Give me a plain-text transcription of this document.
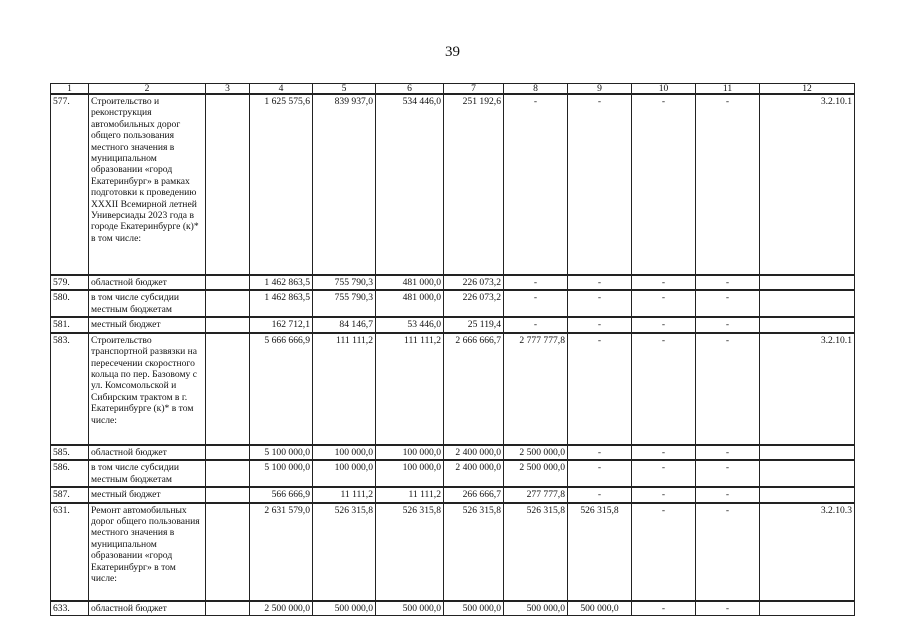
39
1	2	3	4	5	6	7	8	9	10	11	12
577.	Строительство и реконструкция автомобильных дорог общего пользования местного значения в муниципальном образовании «город Екатеринбург» в рамках подготовки к проведению XXXII Всемирной летней Универсиады 2023 года в городе Екатеринбурге (к)* в том числе:		1 625 575,6	839 937,0	534 446,0	251 192,6	-	-	-	-	3.2.10.1
579.	областной бюджет		1 462 863,5	755 790,3	481 000,0	226 073,2	-	-	-	-	
580.	в том числе субсидии местным бюджетам		1 462 863,5	755 790,3	481 000,0	226 073,2	-	-	-	-	
581.	местный бюджет		162 712,1	84 146,7	53 446,0	25 119,4	-	-	-	-	
583.	Строительство транспортной развязки на пересечении скоростного кольца по пер. Базовому с ул. Комсомольской и Сибирским трактом в г. Екатеринбурге (к)* в том числе:		5 666 666,9	111 111,2	111 111,2	2 666 666,7	2 777 777,8	-	-	-	3.2.10.1
585.	областной бюджет		5 100 000,0	100 000,0	100 000,0	2 400 000,0	2 500 000,0	-	-	-	
586.	в том числе субсидии местным бюджетам		5 100 000,0	100 000,0	100 000,0	2 400 000,0	2 500 000,0	-	-	-	
587.	местный бюджет		566 666,9	11 111,2	11 111,2	266 666,7	277 777,8	-	-	-	
631.	Ремонт автомобильных дорог общего пользования местного значения в муниципальном образовании «город Екатеринбург» в том числе:		2 631 579,0	526 315,8	526 315,8	526 315,8	526 315,8	526 315,8	-	-	3.2.10.3
633.	областной бюджет		2 500 000,0	500 000,0	500 000,0	500 000,0	500 000,0	500 000,0	-	-	
